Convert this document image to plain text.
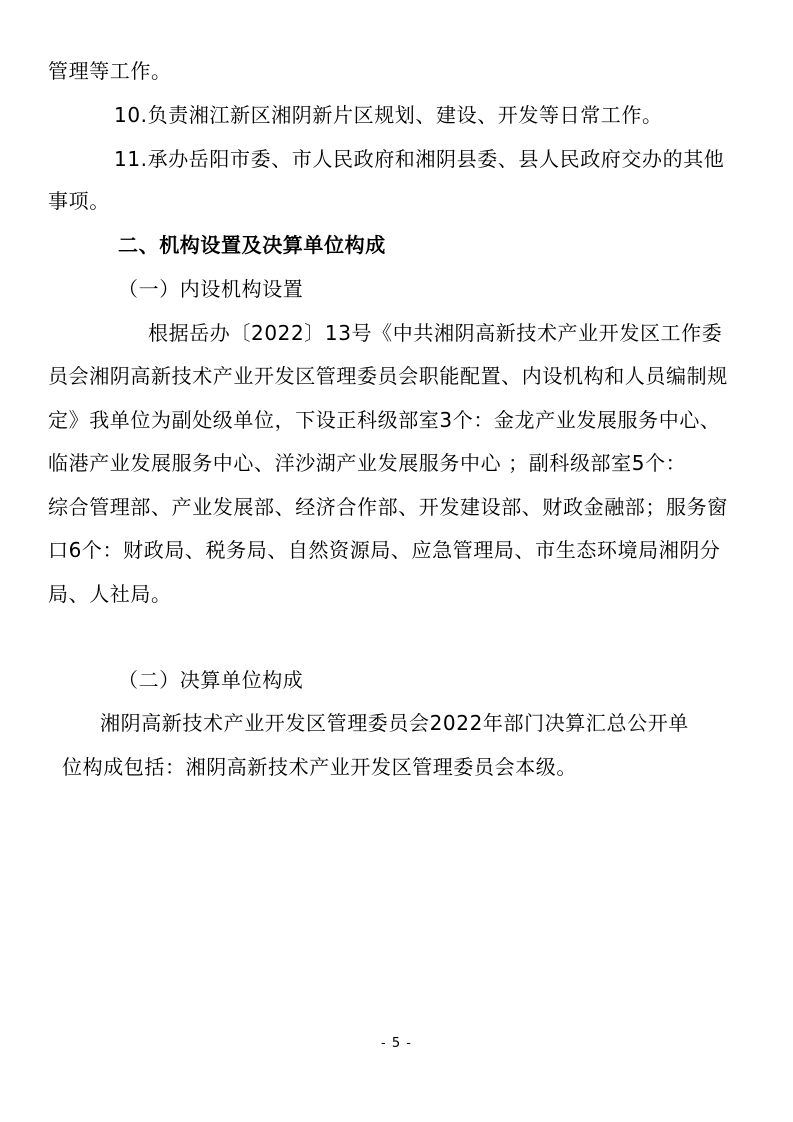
管理等工作。
10.负责湘江新区湘阴新片区规划、建设、开发等日常工作。
11.承办岳阳市委、市人民政府和湘阴县委、县人民政府交办的其他
事项。
二、机构设置及决算单位构成
（一）内设机构设置
根据岳办〔2022〕13号《中共湘阴高新技术产业开发区工作委
员会湘阴高新技术产业开发区管理委员会职能配置、内设机构和人员编制规
定》我单位为副处级单位，下设正科级部室3个：金龙产业发展服务中心、
临港产业发展服务中心、洋沙湖产业发展服务中心 ；副科级部室5个：
综合管理部、产业发展部、经济合作部、开发建设部、财政金融部；服务窗
口6个：财政局、税务局、自然资源局、应急管理局、市生态环境局湘阴分
局、人社局。
（二）决算单位构成
湘阴高新技术产业开发区管理委员会2022年部门决算汇总公开单
位构成包括：湘阴高新技术产业开发区管理委员会本级。
- 5 -
